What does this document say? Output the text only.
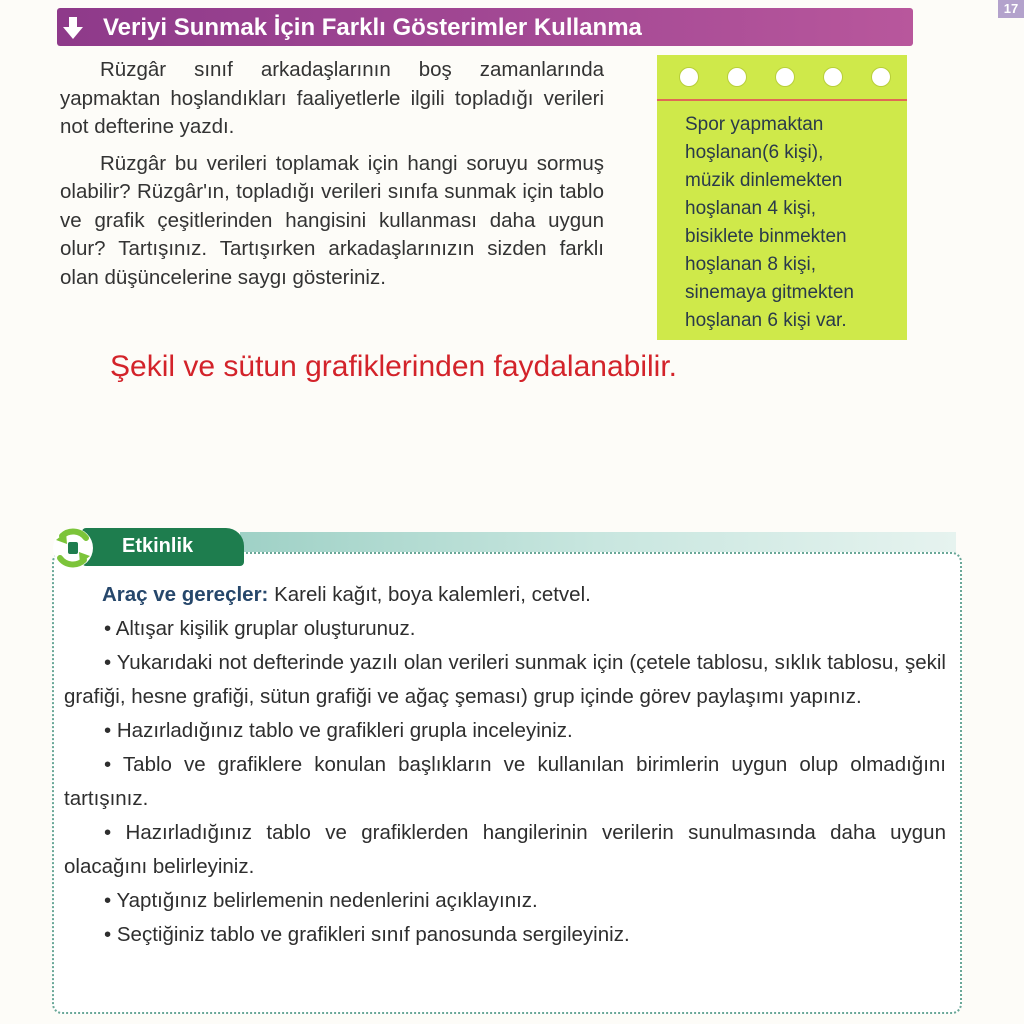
17
Veriyi Sunmak İçin Farklı Gösterimler Kullanma

Rüzgâr sınıf arkadaşlarının boş zamanlarında yapmaktan hoşlandıkları faaliyetlerle ilgili topladığı verileri not defterine yazdı.

Rüzgâr bu verileri toplamak için hangi soruyu sormuş olabilir? Rüzgâr'ın, topladığı verileri sınıfa sunmak için tablo ve grafik çeşitlerinden hangisini kullanması daha uygun olur? Tartışınız. Tartışırken arkadaşlarınızın sizden farklı olan düşüncelerine saygı gösteriniz.

Spor yapmaktan
hoşlanan(6 kişi),
müzik dinlemekten
hoşlanan 4 kişi,
bisiklete binmekten
hoşlanan 8 kişi,
sinemaya gitmekten
hoşlanan 6 kişi var.
Şekil ve sütun grafiklerinden faydalanabilir.
Etkinlik

Araç ve gereçler: Kareli kağıt, boya kalemleri, cetvel.

• Altışar kişilik gruplar oluşturunuz.

• Yukarıdaki not defterinde yazılı olan verileri sunmak için (çetele tablosu, sıklık tablosu, şekil grafiği, hesne grafiği, sütun grafiği ve ağaç şeması) grup içinde görev paylaşımı yapınız.

• Hazırladığınız tablo ve grafikleri grupla inceleyiniz.

• Tablo ve grafiklere konulan başlıkların ve kullanılan birimlerin uygun olup olmadığını tartışınız.

• Hazırladığınız tablo ve grafiklerden hangilerinin verilerin sunulmasında daha uygun olacağını belirleyiniz.

• Yaptığınız belirlemenin nedenlerini açıklayınız.

• Seçtiğiniz tablo ve grafikleri sınıf panosunda sergileyiniz.
